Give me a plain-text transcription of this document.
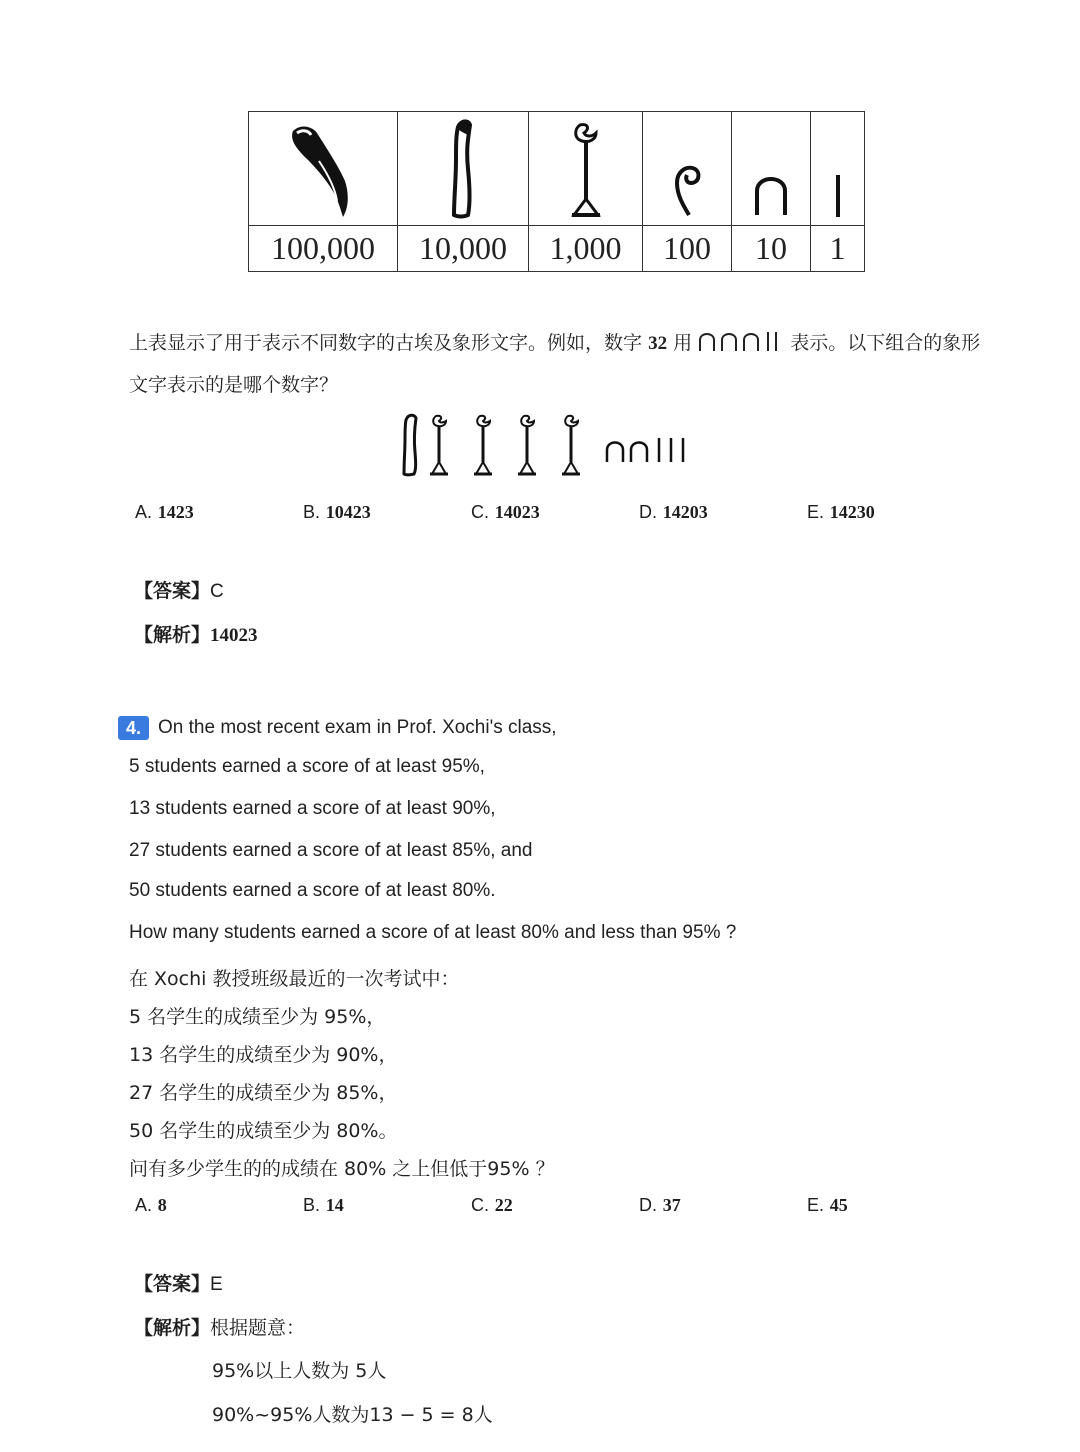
100,000	10,000	1,000	100	10	1
上表显示了用于表示不同数字的古埃及象形文字。例如，数字 32 用	表示。以下组合的象形
文字表示的是哪个数字？
A. 1423	B. 10423	C. 14023	D. 14203	E. 14230
【答案】C
【解析】14023
4. On the most recent exam in Prof. Xochi's class,
5 students earned a score of at least 95%,
13 students earned a score of at least 90%,
27 students earned a score of at least 85%, and
50 students earned a score of at least 80%.
How many students earned a score of at least 80% and less than 95% ?
在 Xochi 教授班级最近的一次考试中：
5 名学生的成绩至少为 95%，
13 名学生的成绩至少为 90%，
27 名学生的成绩至少为 85%，
50 名学生的成绩至少为 80%。
问有多少学生的的成绩在 80% 之上但低于95% ？
A. 8	B. 14	C. 22	D. 37	E. 45
【答案】E
【解析】根据题意：
95%以上人数为 5人
90%~95%人数为13 − 5 = 8人
